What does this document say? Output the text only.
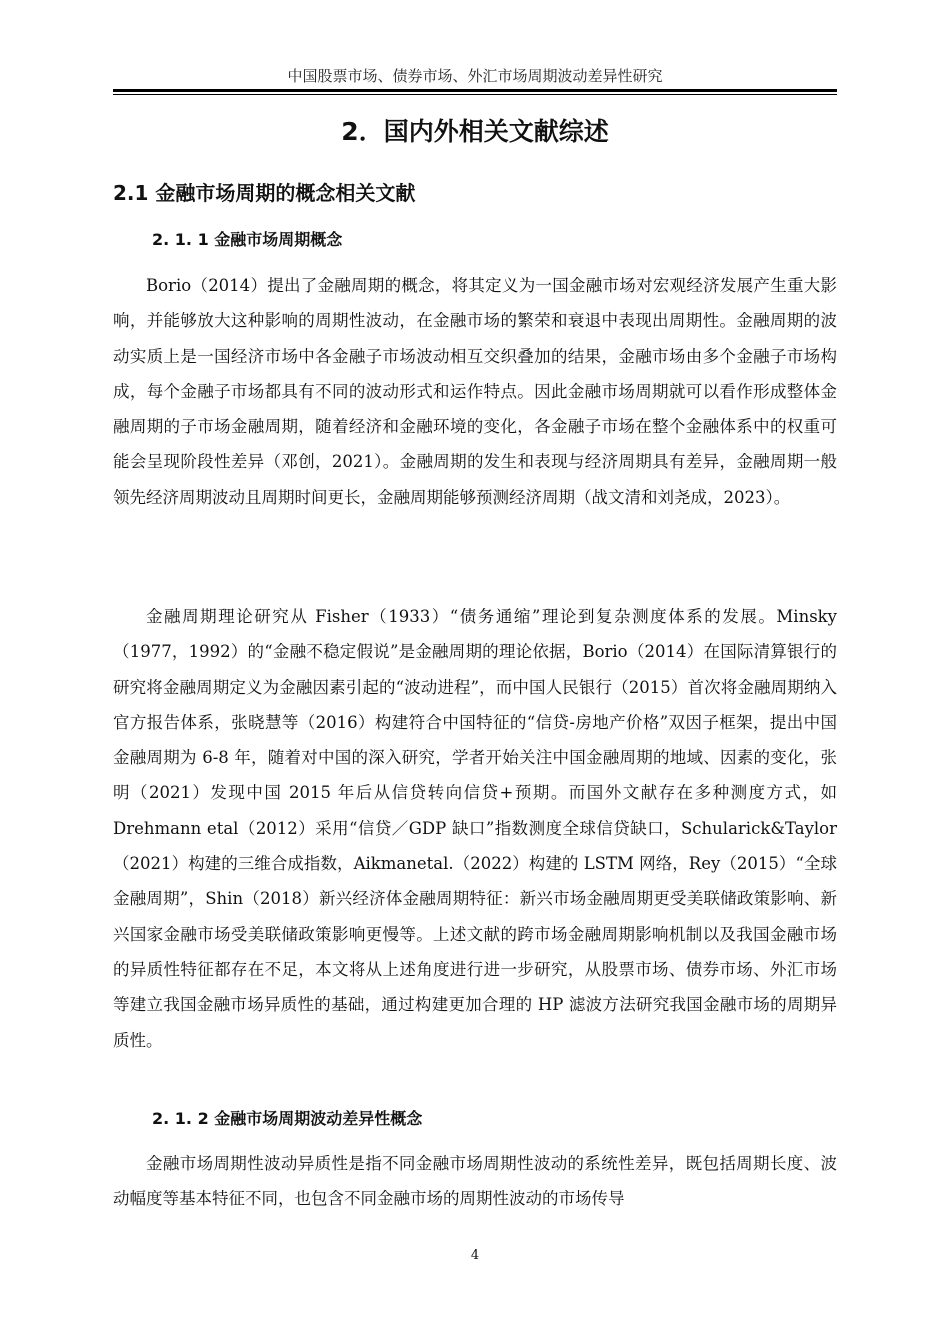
中国股票市场、债券市场、外汇市场周期波动差异性研究
2．国内外相关文献综述
2.1 金融市场周期的概念相关文献
2. 1. 1 金融市场周期概念

Borio（2014）提出了金融周期的概念，将其定义为一国金融市场对宏观经济发展产生重大影响，并能够放大这种影响的周期性波动，在金融市场的繁荣和衰退中表现出周期性。金融周期的波动实质上是一国经济市场中各金融子市场波动相互交织叠加的结果，金融市场由多个金融子市场构成，每个金融子市场都具有不同的波动形式和运作特点。因此金融市场周期就可以看作形成整体金融周期的子市场金融周期，随着经济和金融环境的变化，各金融子市场在整个金融体系中的权重可能会呈现阶段性差异（邓创，2021）。金融周期的发生和表现与经济周期具有差异，金融周期一般领先经济周期波动且周期时间更长，金融周期能够预测经济周期（战文清和刘尧成，2023）。

金融周期理论研究从 Fisher（1933）“债务通缩”理论到复杂测度体系的发展。Minsky（1977，1992）的“金融不稳定假说”是金融周期的理论依据，Borio（2014）在国际清算银行的研究将金融周期定义为金融因素引起的“波动进程”，而中国人民银行（2015）首次将金融周期纳入官方报告体系，张晓慧等（2016）构建符合中国特征的“信贷-房地产价格”双因子框架，提出中国金融周期为 6-8 年，随着对中国的深入研究，学者开始关注中国金融周期的地域、因素的变化，张明（2021）发现中国 2015 年后从信贷转向信贷+预期。而国外文献存在多种测度方式，如 Drehmann etal（2012）采用“信贷／GDP 缺口”指数测度全球信贷缺口，Schularick&Taylor（2021）构建的三维合成指数，Aikmanetal.（2022）构建的 LSTM 网络，Rey（2015）“全球金融周期”，Shin（2018）新兴经济体金融周期特征：新兴市场金融周期更受美联储政策影响、新兴国家金融市场受美联储政策影响更慢等。上述文献的跨市场金融周期影响机制以及我国金融市场的异质性特征都存在不足，本文将从上述角度进行进一步研究，从股票市场、债券市场、外汇市场等建立我国金融市场异质性的基础，通过构建更加合理的 HP 滤波方法研究我国金融市场的周期异质性。

2. 1. 2 金融市场周期波动差异性概念

金融市场周期性波动异质性是指不同金融市场周期性波动的系统性差异，既包括周期长度、波动幅度等基本特征不同，也包含不同金融市场的周期性波动的市场传导

4
